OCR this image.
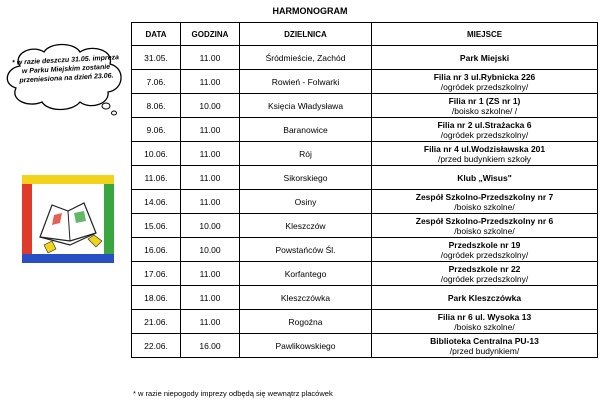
HARMONOGRAM
* w razie deszczu 31.05. impreza w Parku Miejskim zostanie przeniesiona na dzień 23.06.
DATA	GODZINA	DZIELNICA	MIEJSCE
31.05.	11.00	Śródmieście, Zachód	Park Miejski

7.06.	11.00	Rowień - Folwarki	Filia nr 3 ul.Rybnicka 226
/ogródek przedszkolny/

8.06.	10.00	Księcia Władysława	Filia nr 1 (ZS nr 1)
/boisko szkolne/ /

9.06.	11.00	Baranowice	Filia nr 2 ul.Strażacka 6
/ogródek przedszkolny/

10.06.	11.00	Rój	Filia nr 4 ul.Wodzisławska 201
/przed budynkiem szkoły

11.06.	11.00	Sikorskiego	Klub „Wisus"

14.06.	11.00	Osiny	Zespół Szkolno-Przedszkolny nr 7
/boisko szkolne/

15.06.	10.00	Kleszczów	Zespół Szkolno-Przedszkolny nr 6
/boisko szkolne/

16.06.	10.00	Powstańców Śl.	Przedszkole nr 19
/ogródek przedszkolny/

17.06.	11.00	Korfantego	Przedszkole nr 22
/ogródek przedszkolny/

18.06.	11.00	Kleszczówka	Park Kleszczówka

21.06.	11.00	Rogoźna	Filia nr 6 ul. Wysoka 13
/boisko szkolne/

22.06.	16.00	Pawlikowskiego	Biblioteka Centralna PU-13
/przed budynkiem/
* w razie niepogody imprezy odbędą się wewnątrz placówek
